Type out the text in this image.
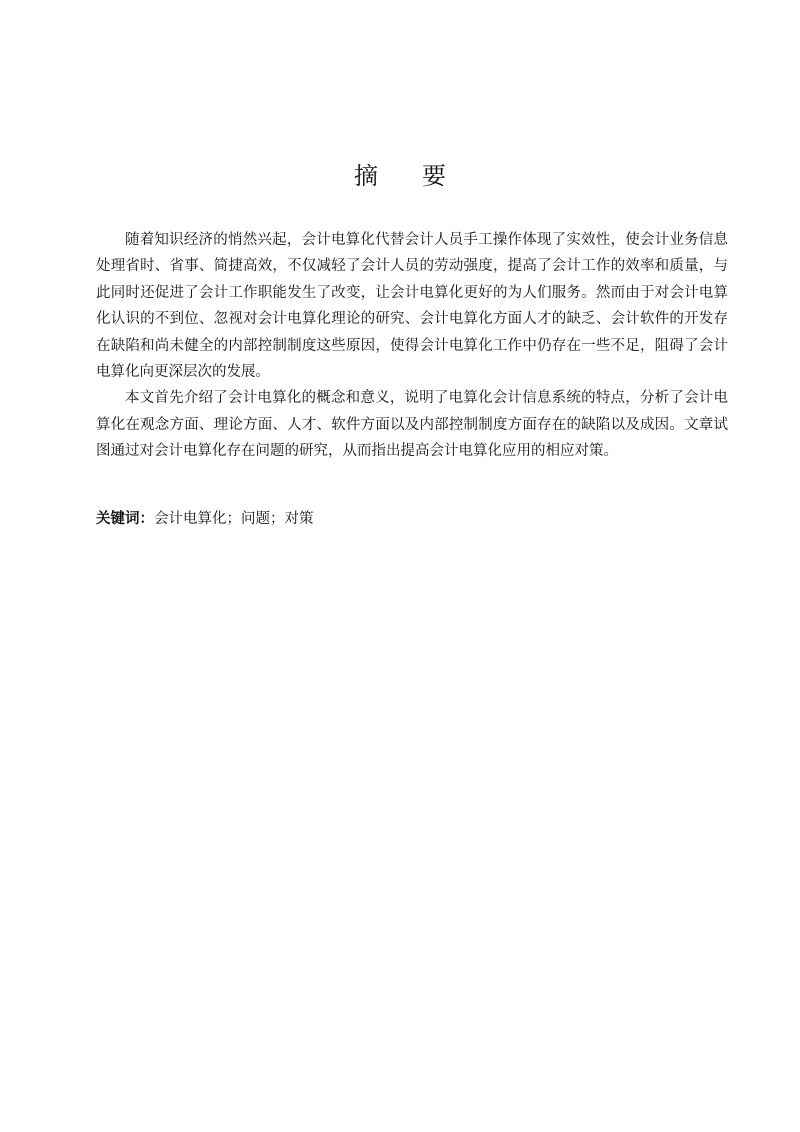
摘 要

随着知识经济的悄然兴起，会计电算化代替会计人员手工操作体现了实效性，使会计业务信息处理省时、省事、简捷高效，不仅减轻了会计人员的劳动强度，提高了会计工作的效率和质量，与此同时还促进了会计工作职能发生了改变，让会计电算化更好的为人们服务。然而由于对会计电算化认识的不到位、忽视对会计电算化理论的研究、会计电算化方面人才的缺乏、会计软件的开发存在缺陷和尚未健全的内部控制制度这些原因，使得会计电算化工作中仍存在一些不足，阻碍了会计电算化向更深层次的发展。

本文首先介绍了会计电算化的概念和意义，说明了电算化会计信息系统的特点，分析了会计电算化在观念方面、理论方面、人才、软件方面以及内部控制制度方面存在的缺陷以及成因。文章试图通过对会计电算化存在问题的研究，从而指出提高会计电算化应用的相应对策。

关键词：会计电算化；问题；对策
